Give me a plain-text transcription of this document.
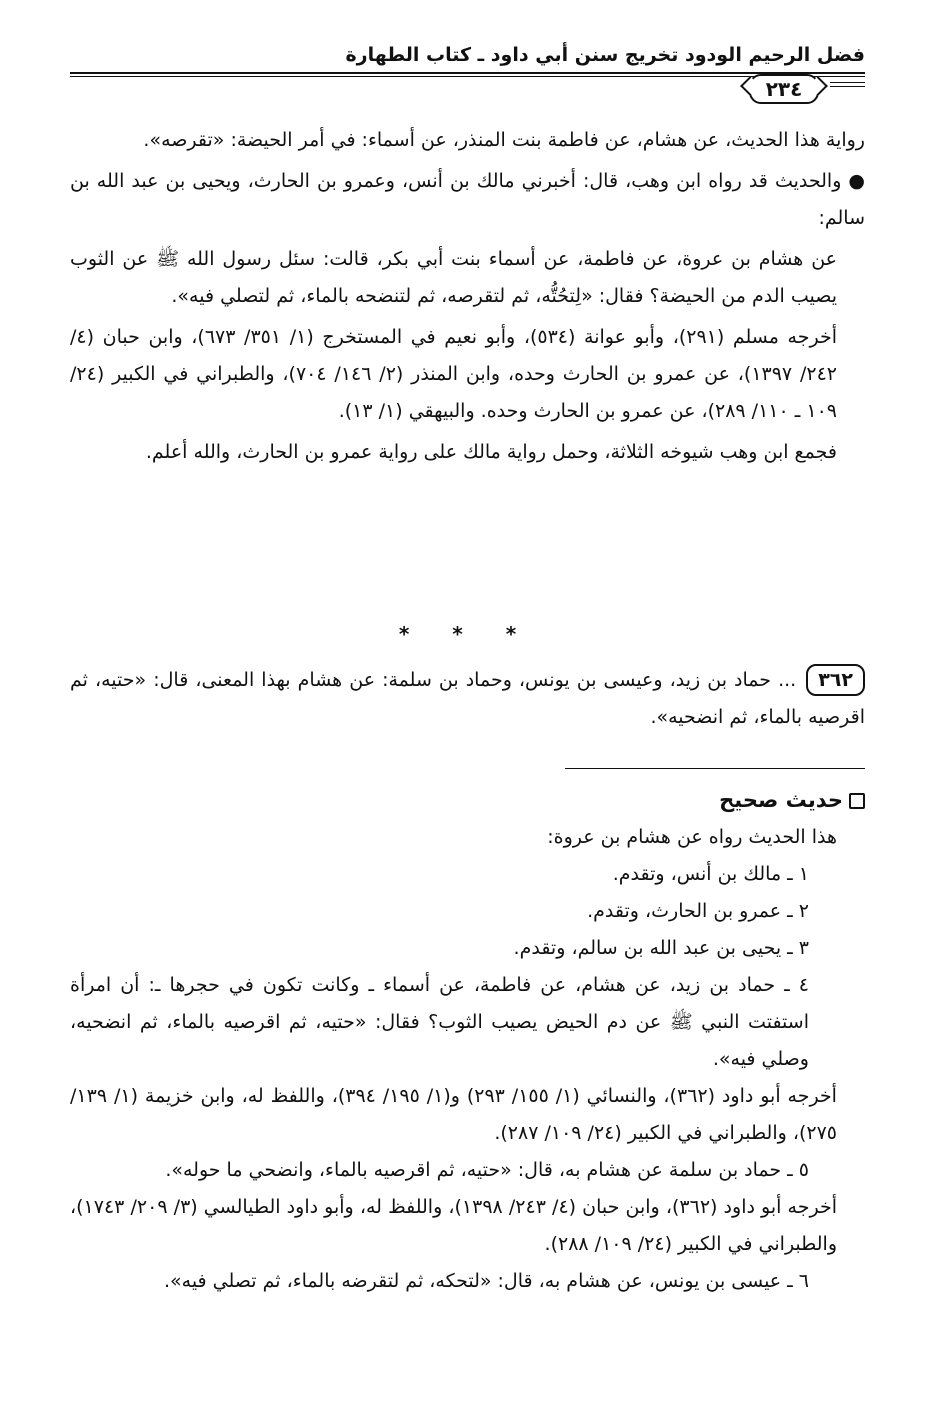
فضل الرحيم الودود تخريج سنن أبي داود ـ كتاب الطهارة
٢٣٤

رواية هذا الحديث، عن هشام، عن فاطمة بنت المنذر، عن أسماء: في أمر الحيضة: «تقرصه».

● والحديث قد رواه ابن وهب، قال: أخبرني مالك بن أنس، وعمرو بن الحارث، ويحيى بن عبد الله بن سالم:

عن هشام بن عروة، عن فاطمة، عن أسماء بنت أبي بكر، قالت: سئل رسول الله ﷺ عن الثوب يصيب الدم من الحيضة؟ فقال: «لِتحُتُّه، ثم لتقرصه، ثم لتنضحه بالماء، ثم لتصلي فيه».

أخرجه مسلم (٢٩١)، وأبو عوانة (٥٣٤)، وأبو نعيم في المستخرج (١/ ٣٥١/ ٦٧٣)، وابن حبان (٤/ ٢٤٢/ ١٣٩٧)، عن عمرو بن الحارث وحده، وابن المنذر (٢/ ١٤٦/ ٧٠٤)، والطبراني في الكبير (٢٤/ ١٠٩ ـ ١١٠/ ٢٨٩)، عن عمرو بن الحارث وحده. والبيهقي (١/ ١٣).

فجمع ابن وهب شيوخه الثلاثة، وحمل رواية مالك على رواية عمرو بن الحارث، والله أعلم.

* * *

٣٦٢... حماد بن زيد، وعيسى بن يونس، وحماد بن سلمة: عن هشام بهذا المعنى، قال: «حتيه، ثم اقرصيه بالماء، ثم انضحيه».

حديث صحيح

هذا الحديث رواه عن هشام بن عروة:

١ ـ مالك بن أنس، وتقدم.

٢ ـ عمرو بن الحارث، وتقدم.

٣ ـ يحيى بن عبد الله بن سالم، وتقدم.

٤ ـ حماد بن زيد، عن هشام، عن فاطمة، عن أسماء ـ وكانت تكون في حجرها ـ: أن امرأة استفتت النبي ﷺ عن دم الحيض يصيب الثوب؟ فقال: «حتيه، ثم اقرصيه بالماء، ثم انضحيه، وصلي فيه».

أخرجه أبو داود (٣٦٢)، والنسائي (١/ ١٥٥/ ٢٩٣) و(١/ ١٩٥/ ٣٩٤)، واللفظ له، وابن خزيمة (١/ ١٣٩/ ٢٧٥)، والطبراني في الكبير (٢٤/ ١٠٩/ ٢٨٧).

٥ ـ حماد بن سلمة عن هشام به، قال: «حتيه، ثم اقرصيه بالماء، وانضحي ما حوله».

أخرجه أبو داود (٣٦٢)، وابن حبان (٤/ ٢٤٣/ ١٣٩٨)، واللفظ له، وأبو داود الطيالسي (٣/ ٢٠٩/ ١٧٤٣)، والطبراني في الكبير (٢٤/ ١٠٩/ ٢٨٨).

٦ ـ عيسى بن يونس، عن هشام به، قال: «لتحكه، ثم لتقرضه بالماء، ثم تصلي فيه».
